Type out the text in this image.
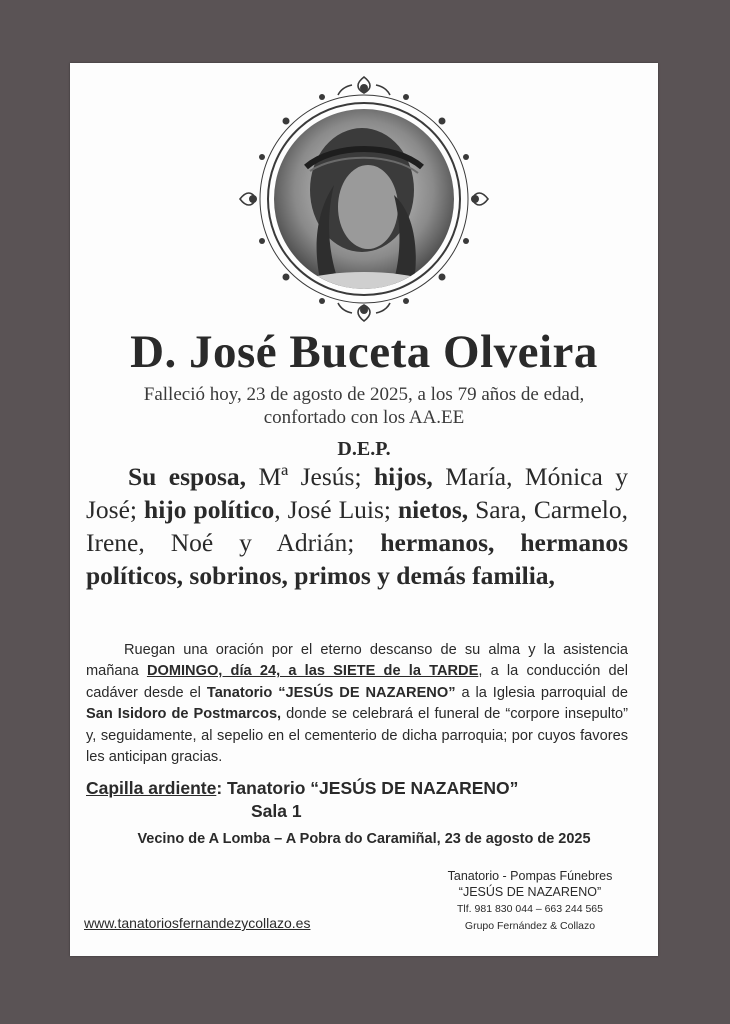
D. José Buceta Olveira
Falleció hoy, 23 de agosto de 2025, a los 79 años de edad,
confortado con los AA.EE
D.E.P.

Su esposa, Mª Jesús; hijos, María, Mónica y José; hijo político, José Luis; nietos, Sara, Carmelo, Irene, Noé y Adrián; hermanos, hermanos políticos, sobrinos, primos y demás familia,

Ruegan una oración por el eterno descanso de su alma y la asistencia mañana DOMINGO, día 24, a las SIETE de la TARDE, a la conducción del cadáver desde el Tanatorio “JESÚS DE NAZARENO” a la Iglesia parroquial de San Isidoro de Postmarcos, donde se celebrará el funeral de “corpore insepulto” y, seguidamente, al sepelio en el cementerio de dicha parroquia; por cuyos favores les anticipan gracias.

Capilla ardiente: Tanatorio “JESÚS DE NAZARENO”
Sala 1
Vecino de A Lomba – A Pobra do Caramiñal, 23 de agosto de 2025
Tanatorio - Pompas Fúnebres
“JESÚS DE NAZARENO”
Tlf. 981 830 044 – 663 244 565
Grupo Fernández & Collazo
www.tanatoriosfernandezycollazo.es
